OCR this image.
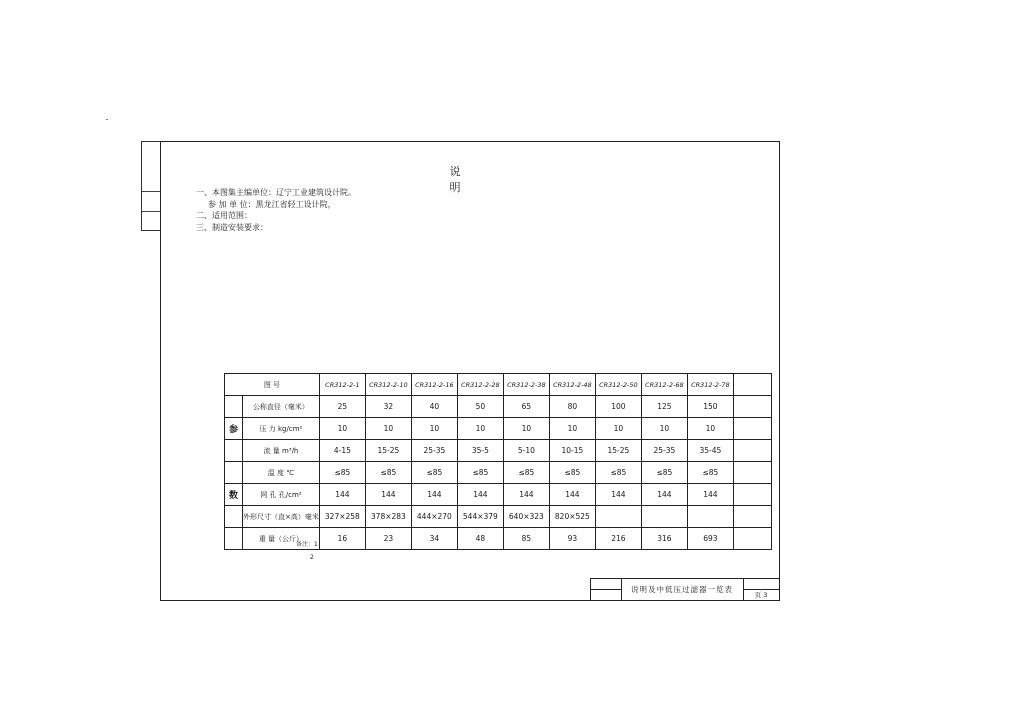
说 明

一、本图集主编单位：辽宁工业建筑设计院。

参 加 单 位：黑龙江省轻工设计院，

二、适用范围：

三、制造安装要求：

图 号		CR312-2-1	CR312-2-10	CR312-2-16	CR312-2-28	CR312-2-38	CR312-2-48	CR312-2-50	CR312-2-68	CR312-2-78	
	公称直径（毫米）	25	32	40	50	65	80	100	125	150	
参	压 力 kg/cm²	10	10	10	10	10	10	10	10	10	
	流 量 m³/h	4-15	15-25	25-35	35-5	5-10	10-15	15-25	25-35	35-45	
	温 度 ℃	≤85	≤85	≤85	≤85	≤85	≤85	≤85	≤85	≤85	
数	网 孔 孔/cm²	144	144	144	144	144	144	144	144	144	
	外形尺寸（直×高）毫米	327×258	378×283	444×270	544×379	640×323	820×525				
	重 量（公斤）	16	23	34	48	85	93	216	316	693	

备注：1

2

说明及中低压过滤器一览表
页 3
